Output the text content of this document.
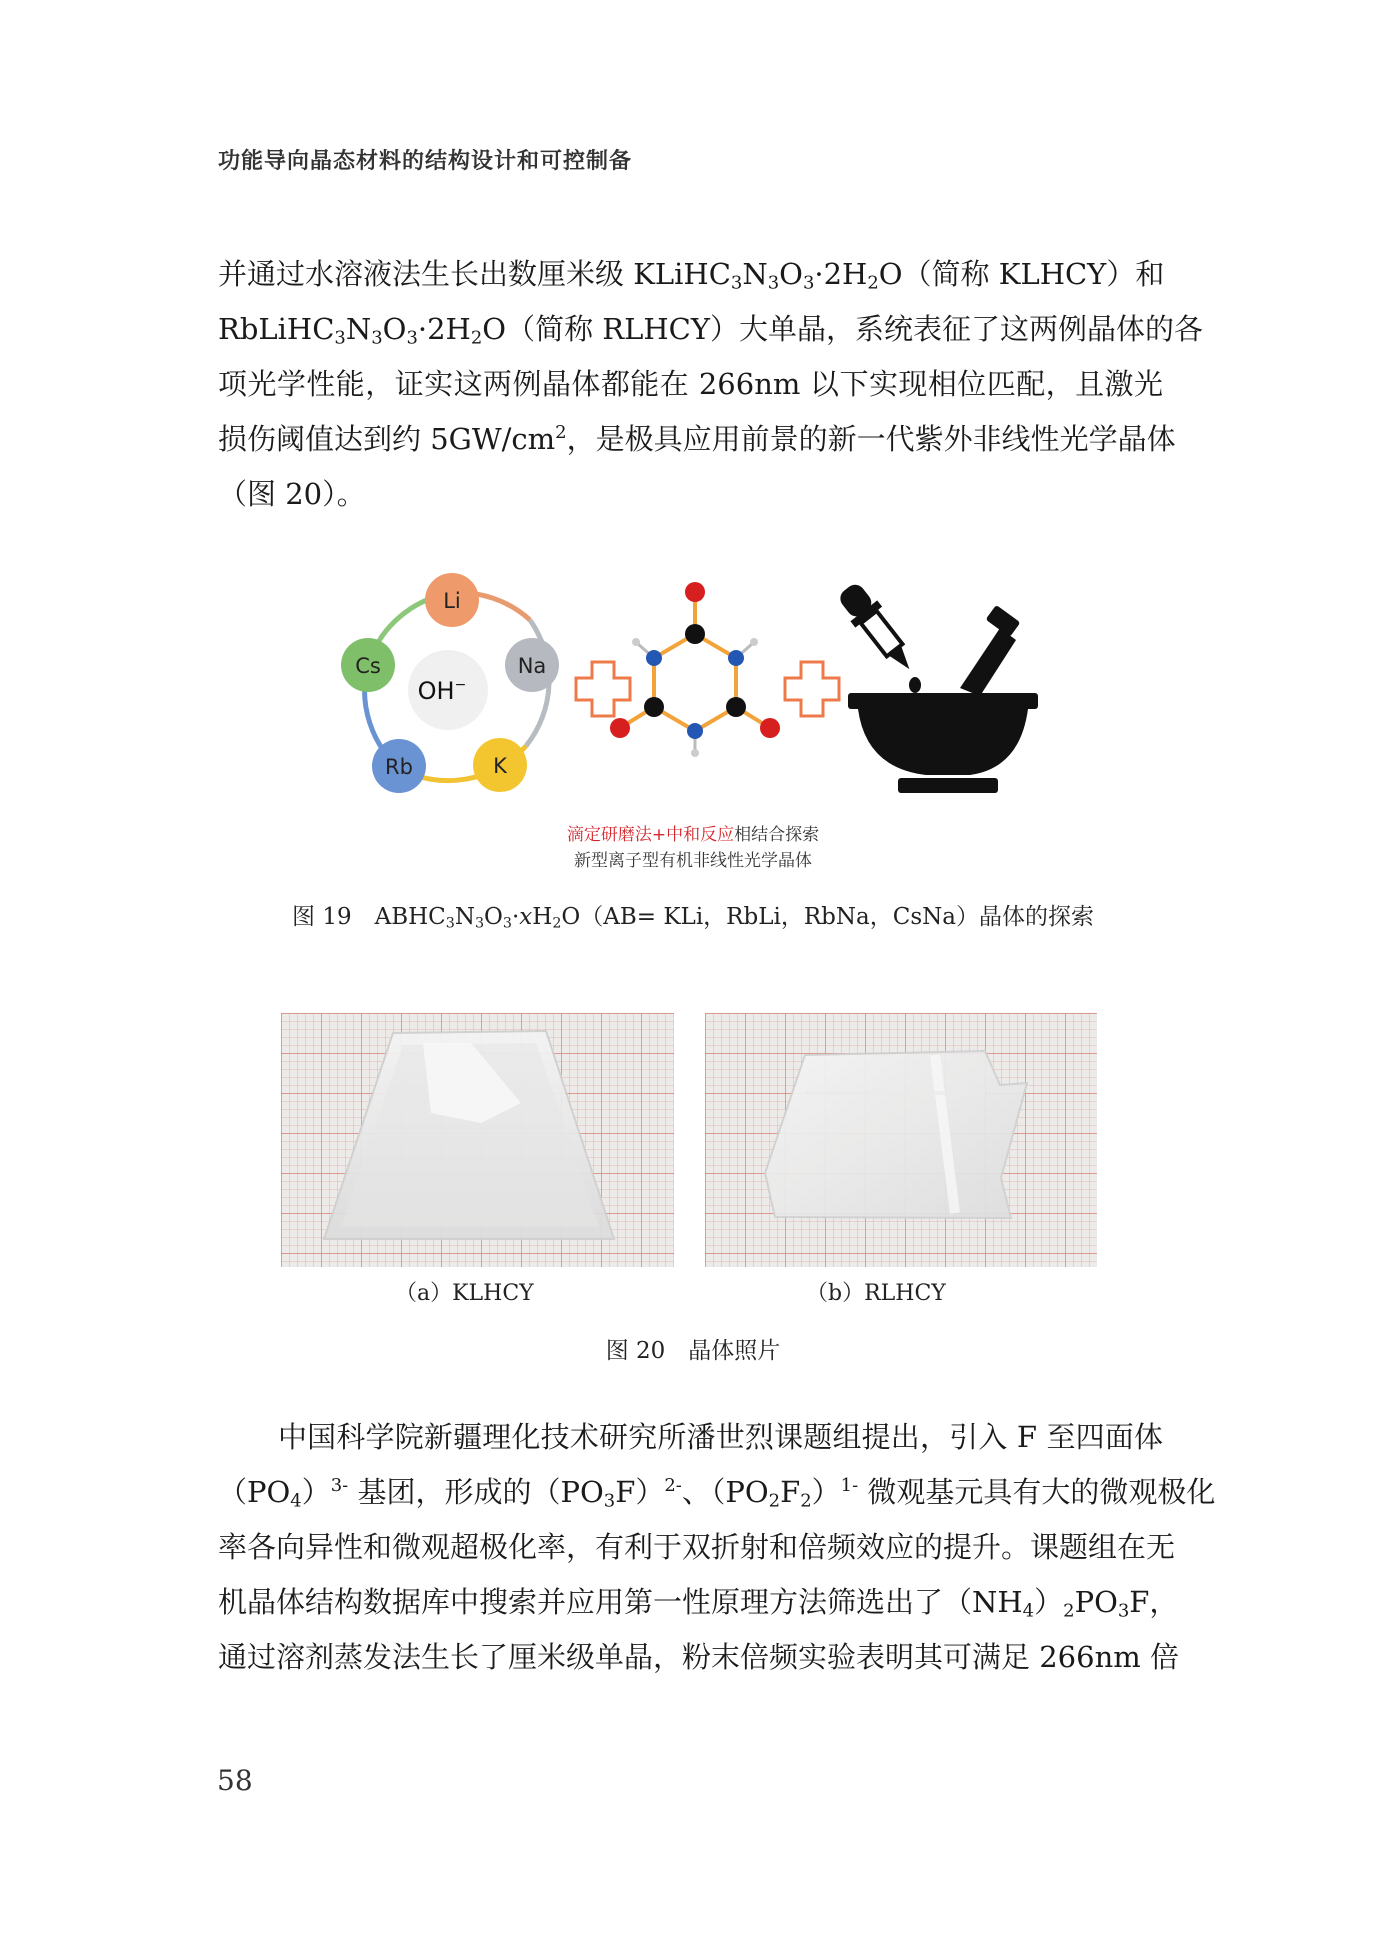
功能导向晶态材料的结构设计和可控制备
并通过水溶液法生长出数厘米级 $KLiHC_3N_3O_3\cdot 2H_2O$（简称 KLHCY）和
$RbLiHC_3N_3O_3\cdot 2H_2O$（简称 RLHCY）大单晶，系统表征了这两例晶体的各
项光学性能，证实这两例晶体都能在 266nm 以下实现相位匹配，且激光
损伤阈值达到约 $5GW/cm^2$，是极具应用前景的新一代紫外非线性光学晶体
（图 20）。
OH−
Li
Na
K
Rb
Cs
滴定研磨法+中和反应相结合探索
新型离子型有机非线性光学晶体
图 19　$ABHC_3N_3O_3\cdot xH_2O(AB=$ KLi，RbLi，RbNa，CsNa）晶体的探索
（a）KLHCY	（b）RLHCY
图 20　晶体照片
中国科学院新疆理化技术研究所潘世烈课题组提出，引入 F 至四面体
$(PO_4)^{3-}$ 基团，形成的$(PO_3F)^{2-}$、$(PO_2F_2)^{1-}$ 微观基元具有大的微观极化
率各向异性和微观超极化率，有利于双折射和倍频效应的提升。课题组在无
机晶体结构数据库中搜索并应用第一性原理方法筛选出了$(NH_4)_2PO_3F$，
通过溶剂蒸发法生长了厘米级单晶，粉末倍频实验表明其可满足 266nm 倍
58
